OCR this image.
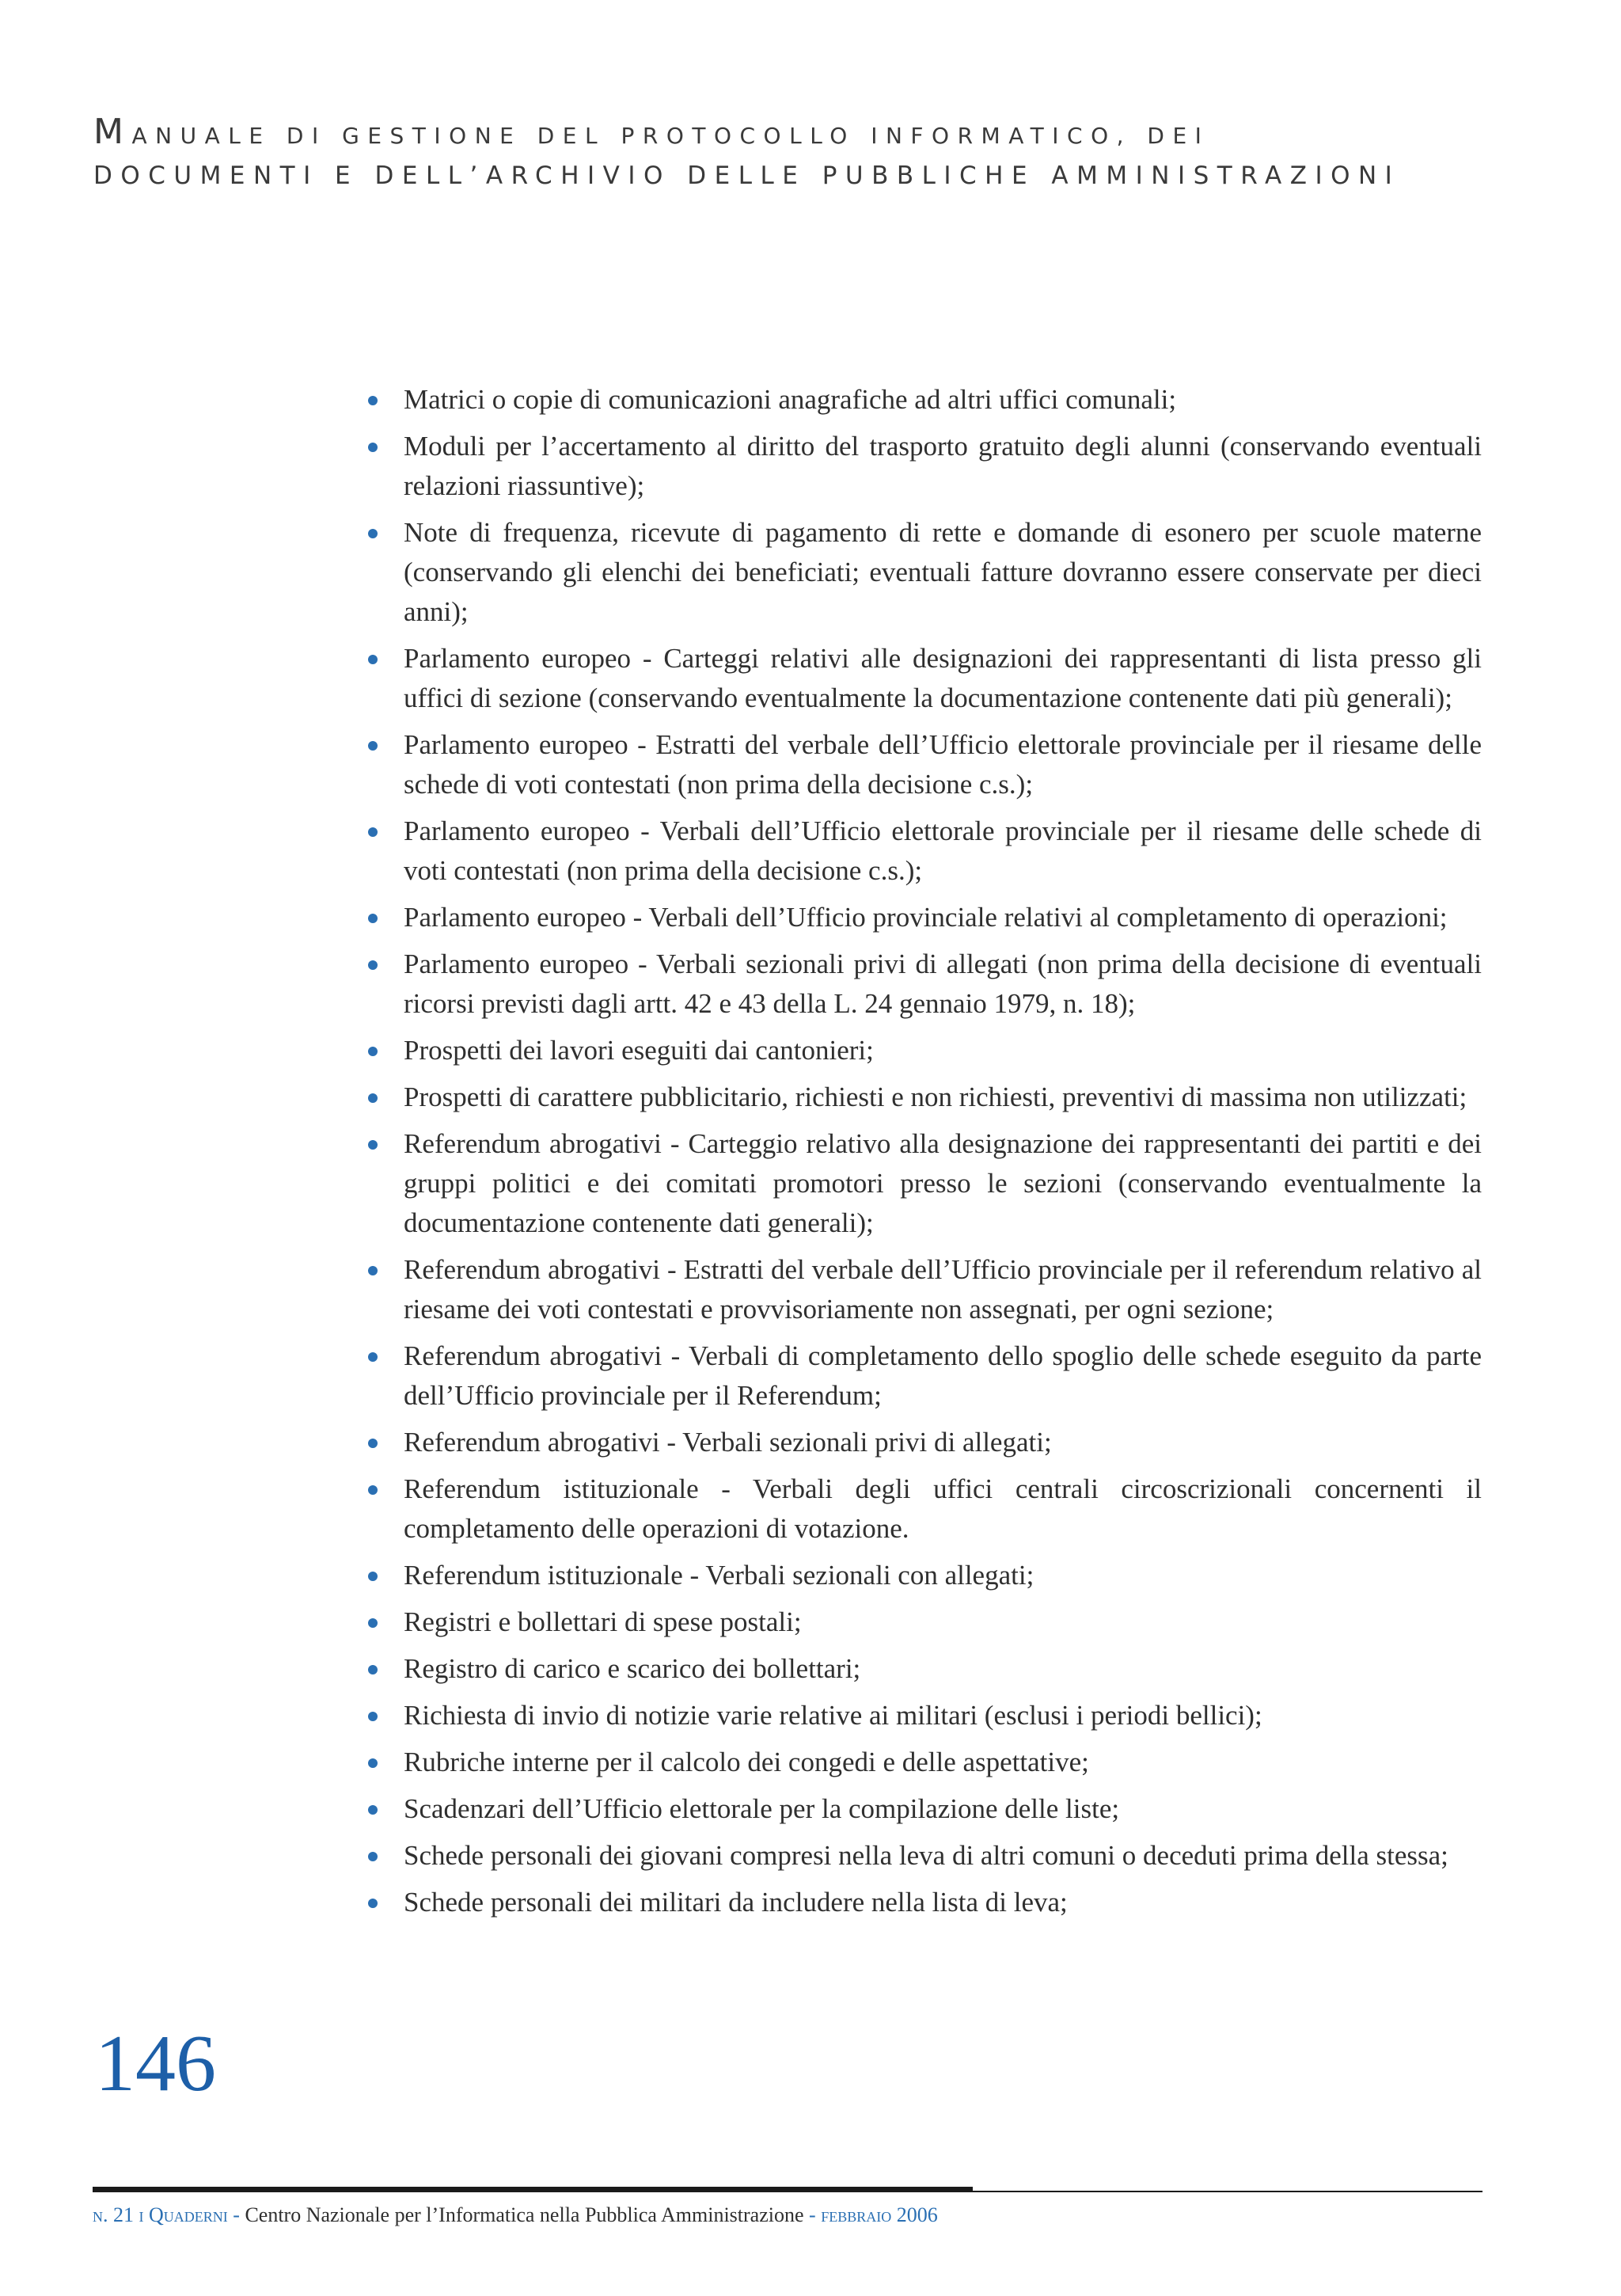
MANUALE DI GESTIONE DEL PROTOCOLLO INFORMATICO, DEI
DOCUMENTI E DELL’ARCHIVIO DELLE PUBBLICHE AMMINISTRAZIONI
Matrici o copie di comunicazioni anagrafiche ad altri uffici comunali;
Moduli per l’accertamento al diritto del trasporto gratuito degli alunni (conservando eventuali relazioni riassuntive);
Note di frequenza, ricevute di pagamento di rette e domande di esonero per scuole materne (conservando gli elenchi dei beneficiati; eventuali fatture dovranno essere conservate per dieci anni);
Parlamento europeo - Carteggi relativi alle designazioni dei rappresentanti di lista presso gli uffici di sezione (conservando eventualmente la documentazione contenente dati più generali);
Parlamento europeo - Estratti del verbale dell’Ufficio elettorale provinciale per il riesame delle schede di voti contestati (non prima della decisione c.s.);
Parlamento europeo - Verbali dell’Ufficio elettorale provinciale per il riesame delle schede di voti contestati (non prima della decisione c.s.);
Parlamento europeo - Verbali dell’Ufficio provinciale relativi al completamento di operazioni;
Parlamento europeo - Verbali sezionali privi di allegati (non prima della decisione di eventuali ricorsi previsti dagli artt. 42 e 43 della L. 24 gennaio 1979, n. 18);
Prospetti dei lavori eseguiti dai cantonieri;
Prospetti di carattere pubblicitario, richiesti e non richiesti, preventivi di massima non utilizzati;
Referendum abrogativi - Carteggio relativo alla designazione dei rappresentanti dei partiti e dei gruppi politici e dei comitati promotori presso le sezioni (conservando eventualmente la documentazione contenente dati generali);
Referendum abrogativi - Estratti del verbale dell’Ufficio provinciale per il referendum relativo al riesame dei voti contestati e provvisoriamente non assegnati, per ogni sezione;
Referendum abrogativi - Verbali di completamento dello spoglio delle schede eseguito da parte dell’Ufficio provinciale per il Referendum;
Referendum abrogativi - Verbali sezionali privi di allegati;
Referendum istituzionale - Verbali degli uffici centrali circoscrizionali concernenti il completamento delle operazioni di votazione.
Referendum istituzionale - Verbali sezionali con allegati;
Registri e bollettari di spese postali;
Registro di carico e scarico dei bollettari;
Richiesta di invio di notizie varie relative ai militari (esclusi i periodi bellici);
Rubriche interne per il calcolo dei congedi e delle aspettative;
Scadenzari dell’Ufficio elettorale per la compilazione delle liste;
Schede personali dei giovani compresi nella leva di altri comuni o deceduti prima della stessa;
Schede personali dei militari da includere nella lista di leva;
146
n. 21 i Quaderni - Centro Nazionale per l’Informatica nella Pubblica Amministrazione - febbraio 2006
